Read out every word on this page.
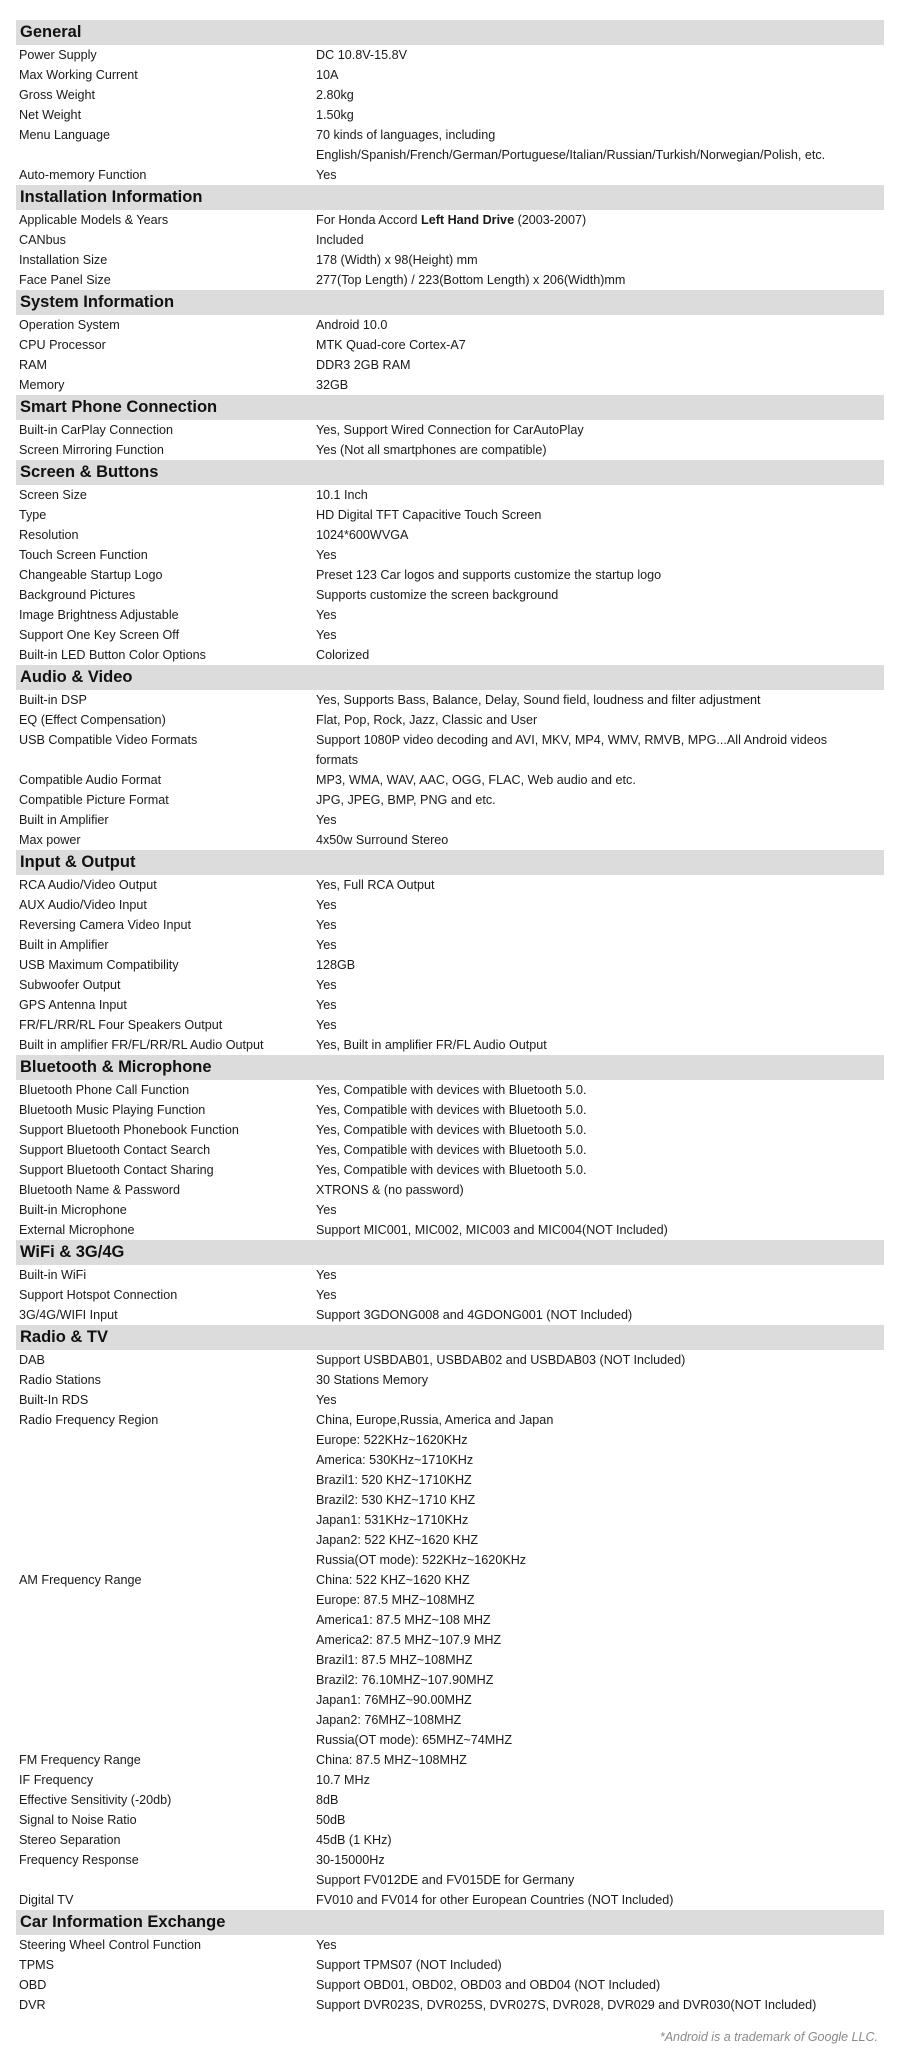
General
Power Supply	DC 10.8V-15.8V
Max Working Current	10A
Gross Weight	2.80kg
Net Weight	1.50kg
Menu Language	70 kinds of languages, including
English/Spanish/French/German/Portuguese/Italian/Russian/Turkish/Norwegian/Polish, etc.
Auto-memory Function	Yes
Installation Information
Applicable Models & Years	For Honda Accord Left Hand Drive (2003-2007)
CANbus	Included
Installation Size	178 (Width) x 98(Height) mm
Face Panel Size	277(Top Length) / 223(Bottom Length) x 206(Width)mm
System Information
Operation System	Android 10.0
CPU Processor	MTK Quad-core Cortex-A7
RAM	DDR3 2GB RAM
Memory	32GB
Smart Phone Connection
Built-in CarPlay Connection	Yes, Support Wired Connection for CarAutoPlay
Screen Mirroring Function	Yes (Not all smartphones are compatible)
Screen & Buttons
Screen Size	10.1 Inch
Type	HD Digital TFT Capacitive Touch Screen
Resolution	1024*600WVGA
Touch Screen Function	Yes
Changeable Startup Logo	Preset 123 Car logos and supports customize the startup logo
Background Pictures	Supports customize the screen background
Image Brightness Adjustable	Yes
Support One Key Screen Off	Yes
Built-in LED Button Color Options	Colorized
Audio & Video
Built-in DSP	Yes, Supports Bass, Balance, Delay, Sound field, loudness and filter adjustment
EQ (Effect Compensation)	Flat, Pop, Rock, Jazz, Classic and User
USB Compatible Video Formats	Support 1080P video decoding and AVI, MKV, MP4, WMV, RMVB, MPG...All Android videos
formats
Compatible Audio Format	MP3, WMA, WAV, AAC, OGG, FLAC, Web audio and etc.
Compatible Picture Format	JPG, JPEG, BMP, PNG and etc.
Built in Amplifier	Yes
Max power	4x50w Surround Stereo
Input & Output
RCA Audio/Video Output	Yes, Full RCA Output
AUX Audio/Video Input	Yes
Reversing Camera Video Input	Yes
Built in Amplifier	Yes
USB Maximum Compatibility	128GB
Subwoofer Output	Yes
GPS Antenna Input	Yes
FR/FL/RR/RL Four Speakers Output	Yes
Built in amplifier FR/FL/RR/RL Audio Output	Yes, Built in amplifier FR/FL Audio Output
Bluetooth & Microphone
Bluetooth Phone Call Function	Yes, Compatible with devices with Bluetooth 5.0.
Bluetooth Music Playing Function	Yes, Compatible with devices with Bluetooth 5.0.
Support Bluetooth Phonebook Function	Yes, Compatible with devices with Bluetooth 5.0.
Support Bluetooth Contact Search	Yes, Compatible with devices with Bluetooth 5.0.
Support Bluetooth Contact Sharing	Yes, Compatible with devices with Bluetooth 5.0.
Bluetooth Name & Password	XTRONS & (no password)
Built-in Microphone	Yes
External Microphone	Support MIC001, MIC002, MIC003 and MIC004(NOT Included)
WiFi & 3G/4G
Built-in WiFi	Yes
Support Hotspot Connection	Yes
3G/4G/WIFI Input	Support 3GDONG008 and 4GDONG001 (NOT Included)
Radio & TV
DAB	Support USBDAB01, USBDAB02 and USBDAB03 (NOT Included)
Radio Stations	30 Stations Memory
Built-In RDS	Yes
Radio Frequency Region	China, Europe,Russia, America and Japan
Europe: 522KHz~1620KHz
America: 530KHz~1710KHz
Brazil1: 520 KHZ~1710KHZ
Brazil2: 530 KHZ~1710 KHZ
Japan1: 531KHz~1710KHz
Japan2: 522 KHZ~1620 KHZ
Russia(OT mode): 522KHz~1620KHz
AM Frequency Range	China: 522 KHZ~1620 KHZ
Europe: 87.5 MHZ~108MHZ
America1: 87.5 MHZ~108 MHZ
America2: 87.5 MHZ~107.9 MHZ
Brazil1: 87.5 MHZ~108MHZ
Brazil2: 76.10MHZ~107.90MHZ
Japan1: 76MHZ~90.00MHZ
Japan2: 76MHZ~108MHZ
Russia(OT mode): 65MHZ~74MHZ
FM Frequency Range	China: 87.5 MHZ~108MHZ
IF Frequency	10.7 MHz
Effective Sensitivity (-20db)	8dB
Signal to Noise Ratio	50dB
Stereo Separation	45dB (1 KHz)
Frequency Response	30-15000Hz
Support FV012DE and FV015DE for Germany
Digital TV	FV010 and FV014 for other European Countries (NOT Included)
Car Information Exchange
Steering Wheel Control Function	Yes
TPMS	Support TPMS07 (NOT Included)
OBD	Support OBD01, OBD02, OBD03 and OBD04 (NOT Included)
DVR	Support DVR023S, DVR025S, DVR027S, DVR028, DVR029 and DVR030(NOT Included)
*Android is a trademark of Google LLC.
